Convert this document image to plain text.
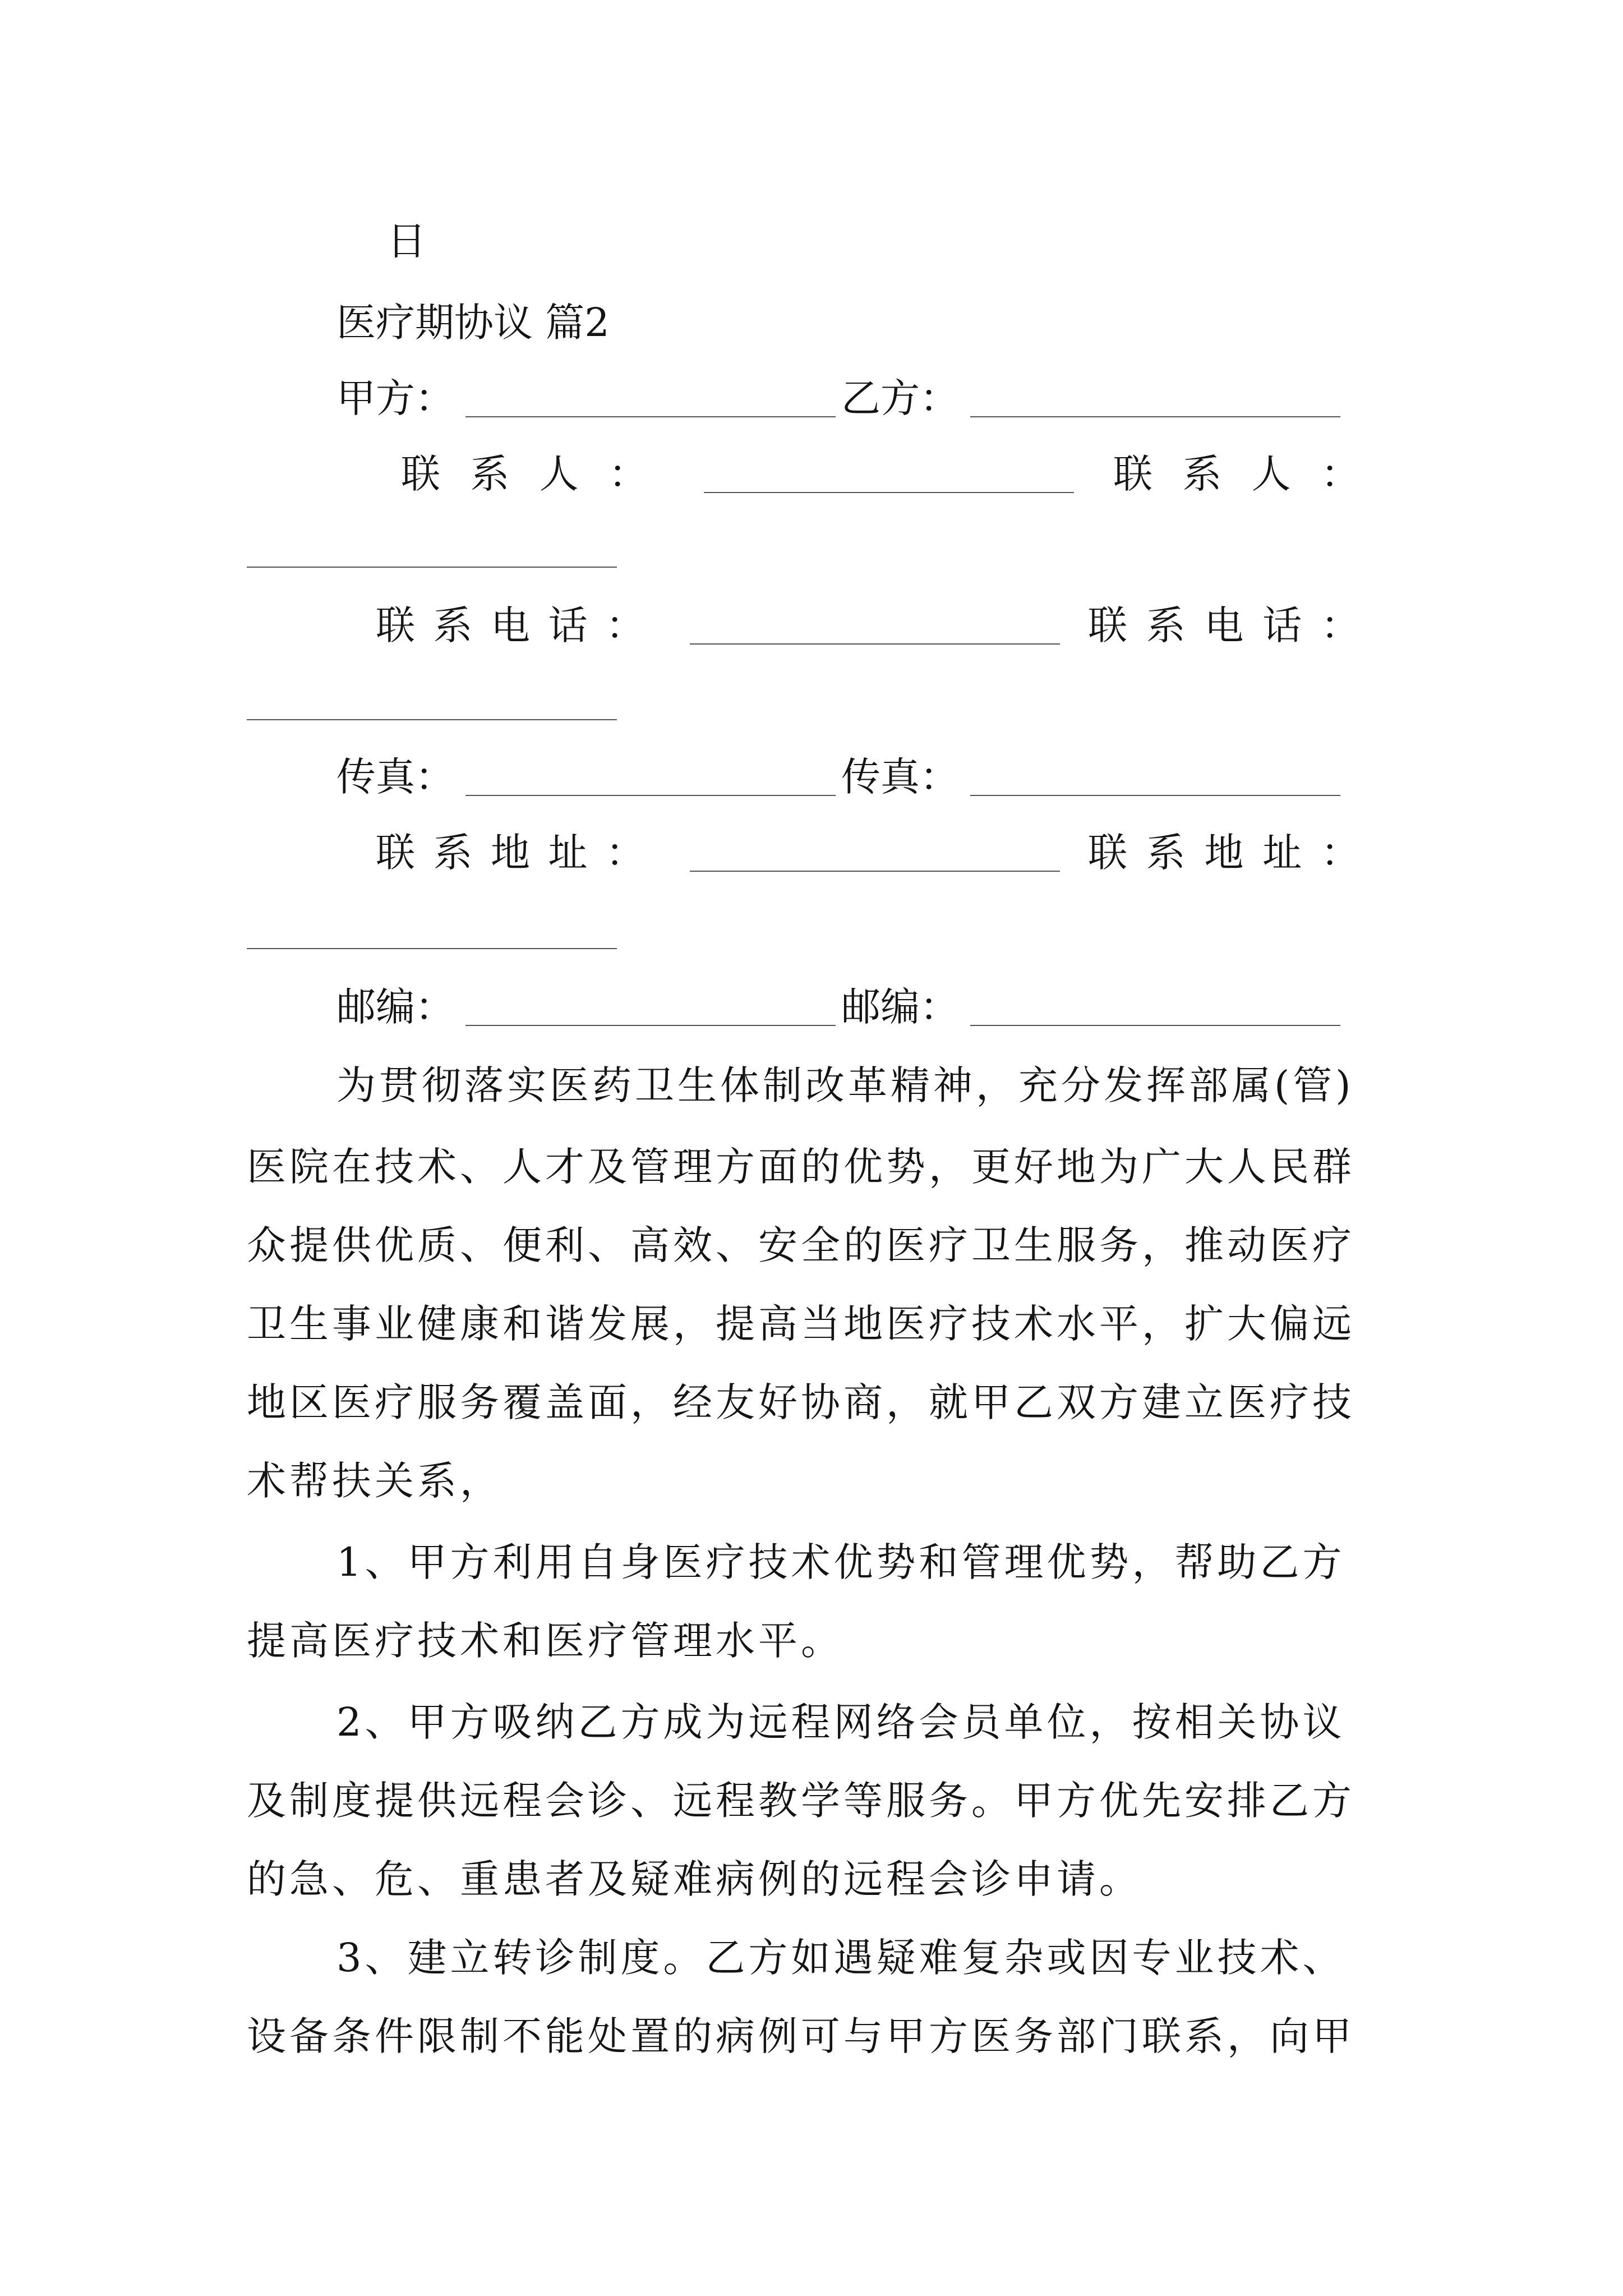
日
医疗期协议 篇2
甲方：	乙方：
联 系 人 ：	联 系 人 ：
联 系 电 话 ：	联 系 电 话 ：
传真：	传真：
联 系 地 址 ：	联 系 地 址 ：
邮编：	邮编：
为贯彻落实医药卫生体制改革精神，充分发挥部属(管)
医院在技术、人才及管理方面的优势，更好地为广大人民群
众提供优质、便利、高效、安全的医疗卫生服务，推动医疗
卫生事业健康和谐发展，提高当地医疗技术水平，扩大偏远
地区医疗服务覆盖面，经友好协商，就甲乙双方建立医疗技
术帮扶关系，
1、甲方利用自身医疗技术优势和管理优势，帮助乙方
提高医疗技术和医疗管理水平。
2、甲方吸纳乙方成为远程网络会员单位，按相关协议
及制度提供远程会诊、远程教学等服务。甲方优先安排乙方
的急、危、重患者及疑难病例的远程会诊申请。
3、建立转诊制度。乙方如遇疑难复杂或因专业技术、
设备条件限制不能处置的病例可与甲方医务部门联系，向甲
